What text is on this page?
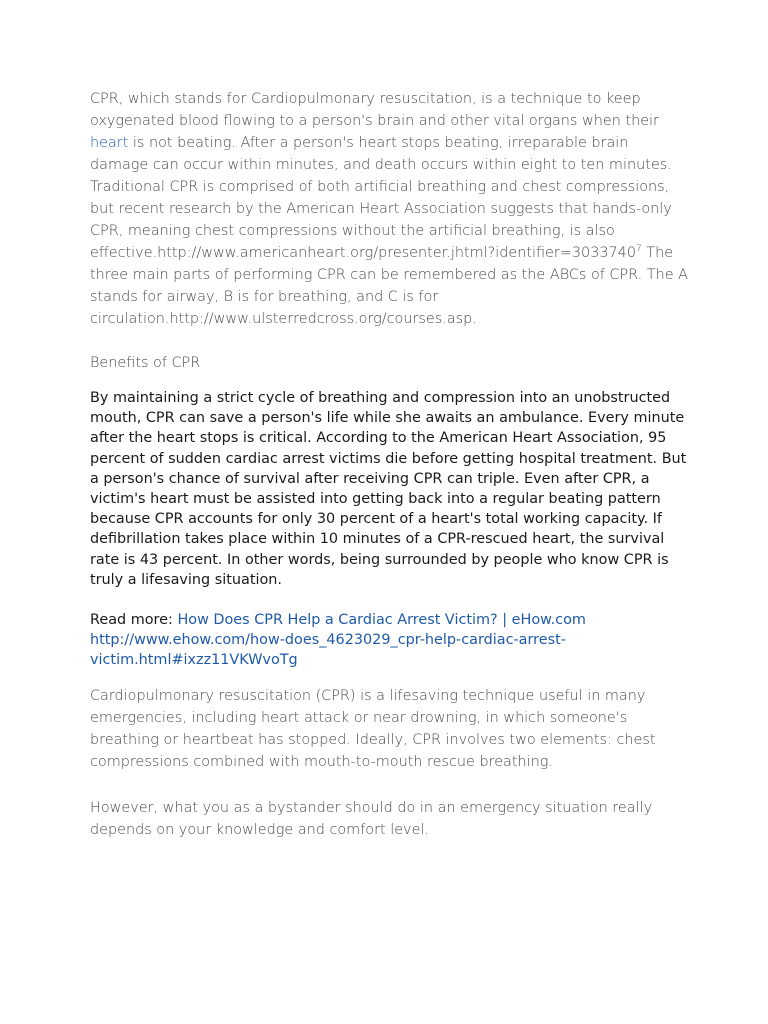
CPR, which stands for Cardiopulmonary resuscitation, is a technique to keep oxygenated blood flowing to a person's brain and other vital organs when their heart is not beating. After a person's heart stops beating, irreparable brain damage can occur within minutes, and death occurs within eight to ten minutes. Traditional CPR is comprised of both artificial breathing and chest compressions, but recent research by the American Heart Association suggests that hands-only CPR, meaning chest compressions without the artificial breathing, is also $effective.http://www.americanheart.org/presenter.jhtml?identifier=3033740^7$ The three main parts of performing CPR can be remembered as the ABCs of CPR. The A stands for airway, B is for breathing, and C is for circulation.http://www.ulsterredcross.org/courses.asp.

Benefits of CPR

By maintaining a strict cycle of breathing and compression into an unobstructed mouth, CPR can save a person's life while she awaits an ambulance. Every minute after the heart stops is critical. According to the American Heart Association, 95 percent of sudden cardiac arrest victims die before getting hospital treatment. But a person's chance of survival after receiving CPR can triple. Even after CPR, a victim's heart must be assisted into getting back into a regular beating pattern because CPR accounts for only 30 percent of a heart's total working capacity. If defibrillation takes place within 10 minutes of a CPR-rescued heart, the survival rate is 43 percent. In other words, being surrounded by people who know CPR is truly a lifesaving situation.

Read more: How Does CPR Help a Cardiac Arrest Victim? | eHow.com
http://www.ehow.com/how-does_4623029_cpr-help-cardiac-arrest-victim.html#ixzz11VKWvoTg

Cardiopulmonary resuscitation (CPR) is a lifesaving technique useful in many emergencies, including heart attack or near drowning, in which someone's breathing or heartbeat has stopped. Ideally, CPR involves two elements: chest compressions combined with mouth-to-mouth rescue breathing.

However, what you as a bystander should do in an emergency situation really depends on your knowledge and comfort level.
